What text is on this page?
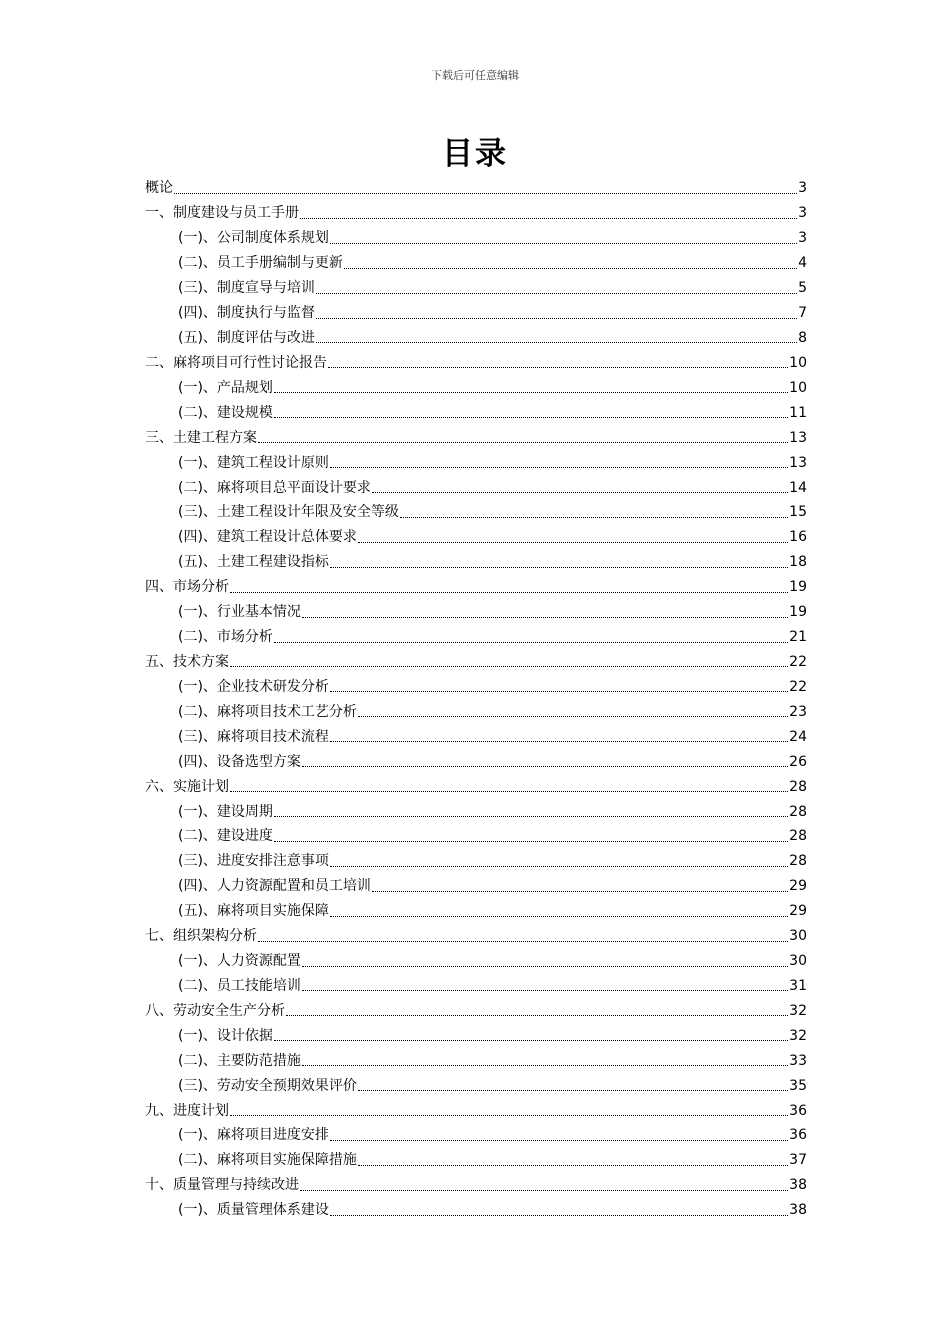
下载后可任意编辑
目录
概论	3
一、制度建设与员工手册	3
(一)、公司制度体系规划	3
(二)、员工手册编制与更新	4
(三)、制度宣导与培训	5
(四)、制度执行与监督	7
(五)、制度评估与改进	8
二、麻将项目可行性讨论报告	10
(一)、产品规划	10
(二)、建设规模	11
三、土建工程方案	13
(一)、建筑工程设计原则	13
(二)、麻将项目总平面设计要求	14
(三)、土建工程设计年限及安全等级	15
(四)、建筑工程设计总体要求	16
(五)、土建工程建设指标	18
四、市场分析	19
(一)、行业基本情况	19
(二)、市场分析	21
五、技术方案	22
(一)、企业技术研发分析	22
(二)、麻将项目技术工艺分析	23
(三)、麻将项目技术流程	24
(四)、设备选型方案	26
六、实施计划	28
(一)、建设周期	28
(二)、建设进度	28
(三)、进度安排注意事项	28
(四)、人力资源配置和员工培训	29
(五)、麻将项目实施保障	29
七、组织架构分析	30
(一)、人力资源配置	30
(二)、员工技能培训	31
八、劳动安全生产分析	32
(一)、设计依据	32
(二)、主要防范措施	33
(三)、劳动安全预期效果评价	35
九、进度计划	36
(一)、麻将项目进度安排	36
(二)、麻将项目实施保障措施	37
十、质量管理与持续改进	38
(一)、质量管理体系建设	38
